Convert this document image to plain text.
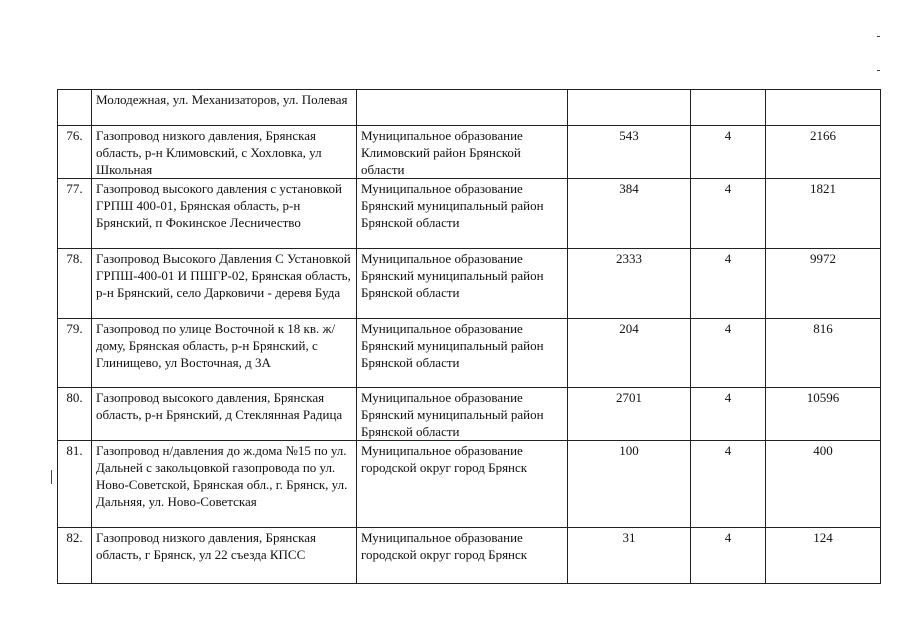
	Молодежная, ул. Механизаторов, ул. Полевая				
76.	Газопровод низкого давления, Брянская область, р-н Климовский, с Хохловка, ул Школьная	Муниципальное образование Климовский район Брянской области	543	4	2166
77.	Газопровод высокого давления с установкой ГРПШ 400-01, Брянская область, р-н Брянский, п Фокинское Лесничество	Муниципальное образование Брянский муниципальный район Брянской области	384	4	1821
78.	Газопровод Высокого Давления С Установкой ГРПШ-400-01 И ПШГР-02, Брянская область, р-н Брянский, село Дарковичи - деревя Буда	Муниципальное образование Брянский муниципальный район Брянской области	2333	4	9972
79.	Газопровод по улице Восточной к 18 кв. ж/дому, Брянская область, р-н Брянский, с Глинищево, ул Восточная, д 3А	Муниципальное образование Брянский муниципальный район Брянской области	204	4	816
80.	Газопровод высокого давления, Брянская область, р-н Брянский, д Стеклянная Радица	Муниципальное образование Брянский муниципальный район Брянской области	2701	4	10596
81.	Газопровод н/давления до ж.дома №15 по ул. Дальней с закольцовкой газопровода по ул. Ново-Советской, Брянская обл., г. Брянск, ул. Дальняя, ул. Ново-Советская	Муниципальное образование городской округ город Брянск	100	4	400
82.	Газопровод низкого давления, Брянская область, г Брянск, ул 22 съезда КПСС	Муниципальное образование городской округ город Брянск	31	4	124
